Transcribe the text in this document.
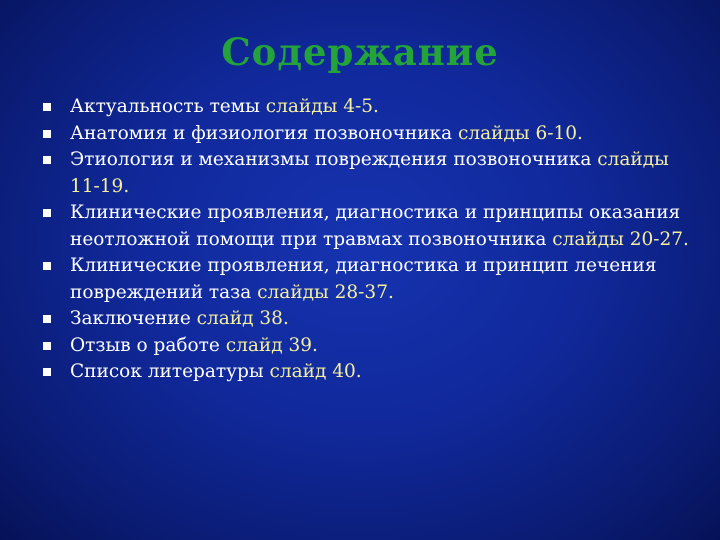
Содержание
Актуальность темы слайды 4-5.
Анатомия и физиология позвоночника слайды 6-10.
Этиология и механизмы повреждения позвоночника слайды 11-19.
Клинические проявления, диагностика и принципы оказания неотложной помощи при травмах позвоночника слайды 20-27.
Клинические проявления, диагностика и принцип лечения повреждений таза слайды 28-37.
Заключение слайд 38.
Отзыв о работе слайд 39.
Список литературы слайд 40.
